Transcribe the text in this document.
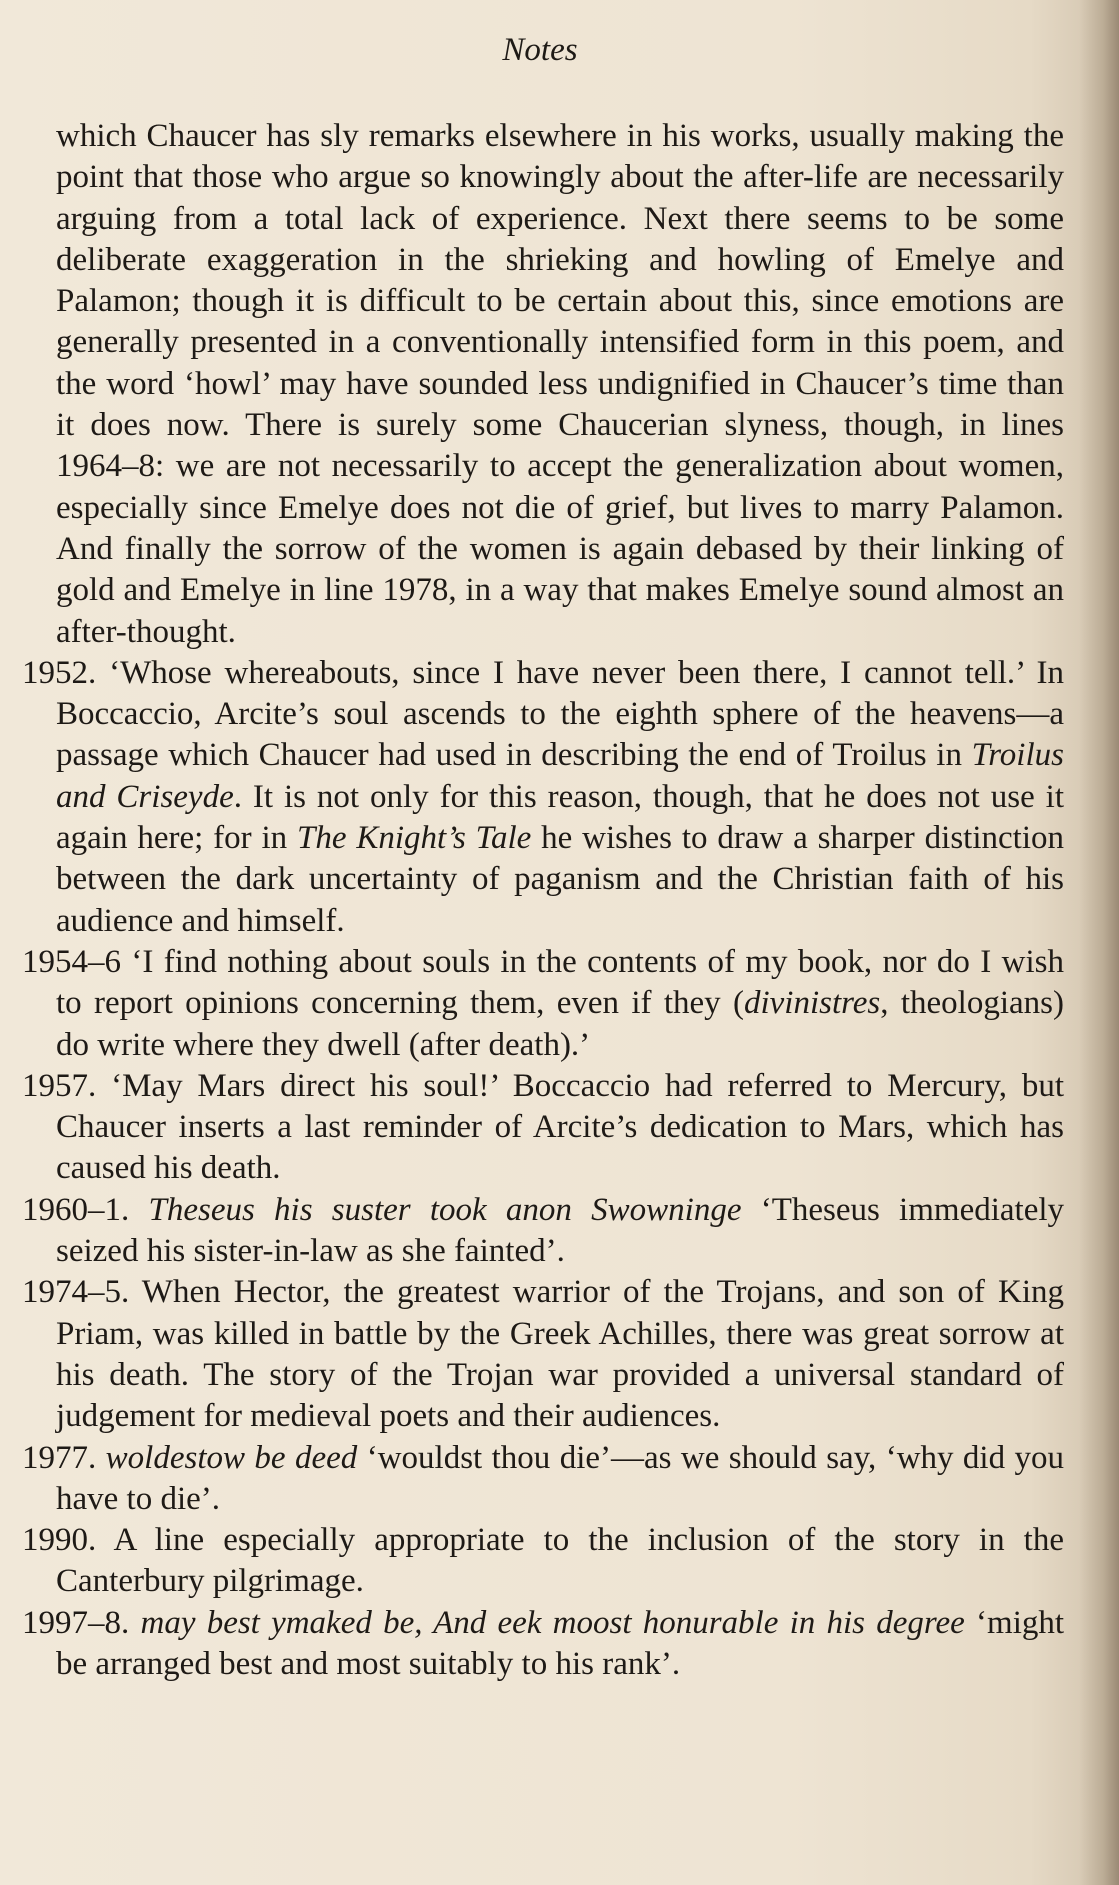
Notes

which Chaucer has sly remarks elsewhere in his works, usually making the point that those who argue so knowingly about the after-life are necessarily arguing from a total lack of experience. Next there seems to be some deliberate exaggeration in the shrieking and howling of Emelye and Palamon; though it is difficult to be certain about this, since emotions are generally presented in a conventionally intensified form in this poem, and the word ‘howl’ may have sounded less undignified in Chaucer’s time than it does now. There is surely some Chaucerian slyness, though, in lines 1964–8: we are not necessarily to accept the generalization about women, especially since Emelye does not die of grief, but lives to marry Palamon. And finally the sorrow of the women is again debased by their linking of gold and Emelye in line 1978, in a way that makes Emelye sound almost an after-thought.

1952. ‘Whose whereabouts, since I have never been there, I cannot tell.’ In Boccaccio, Arcite’s soul ascends to the eighth sphere of the heavens—a passage which Chaucer had used in describing the end of Troilus in Troilus and Criseyde. It is not only for this reason, though, that he does not use it again here; for in The Knight’s Tale he wishes to draw a sharper distinction between the dark uncertainty of paganism and the Christian faith of his audience and himself.

1954–6 ‘I find nothing about souls in the contents of my book, nor do I wish to report opinions concerning them, even if they (divinistres, theologians) do write where they dwell (after death).’

1957. ‘May Mars direct his soul!’ Boccaccio had referred to Mercury, but Chaucer inserts a last reminder of Arcite’s dedication to Mars, which has caused his death.

1960–1. Theseus his suster took anon Swowninge ‘Theseus immediately seized his sister-in-law as she fainted’.

1974–5. When Hector, the greatest warrior of the Trojans, and son of King Priam, was killed in battle by the Greek Achilles, there was great sorrow at his death. The story of the Trojan war provided a universal standard of judgement for medieval poets and their audiences.

1977. woldestow be deed ‘wouldst thou die’—as we should say, ‘why did you have to die’.

1990. A line especially appropriate to the inclusion of the story in the Canterbury pilgrimage.

1997–8. may best ymaked be, And eek moost honurable in his degree ‘might be arranged best and most suitably to his rank’.
